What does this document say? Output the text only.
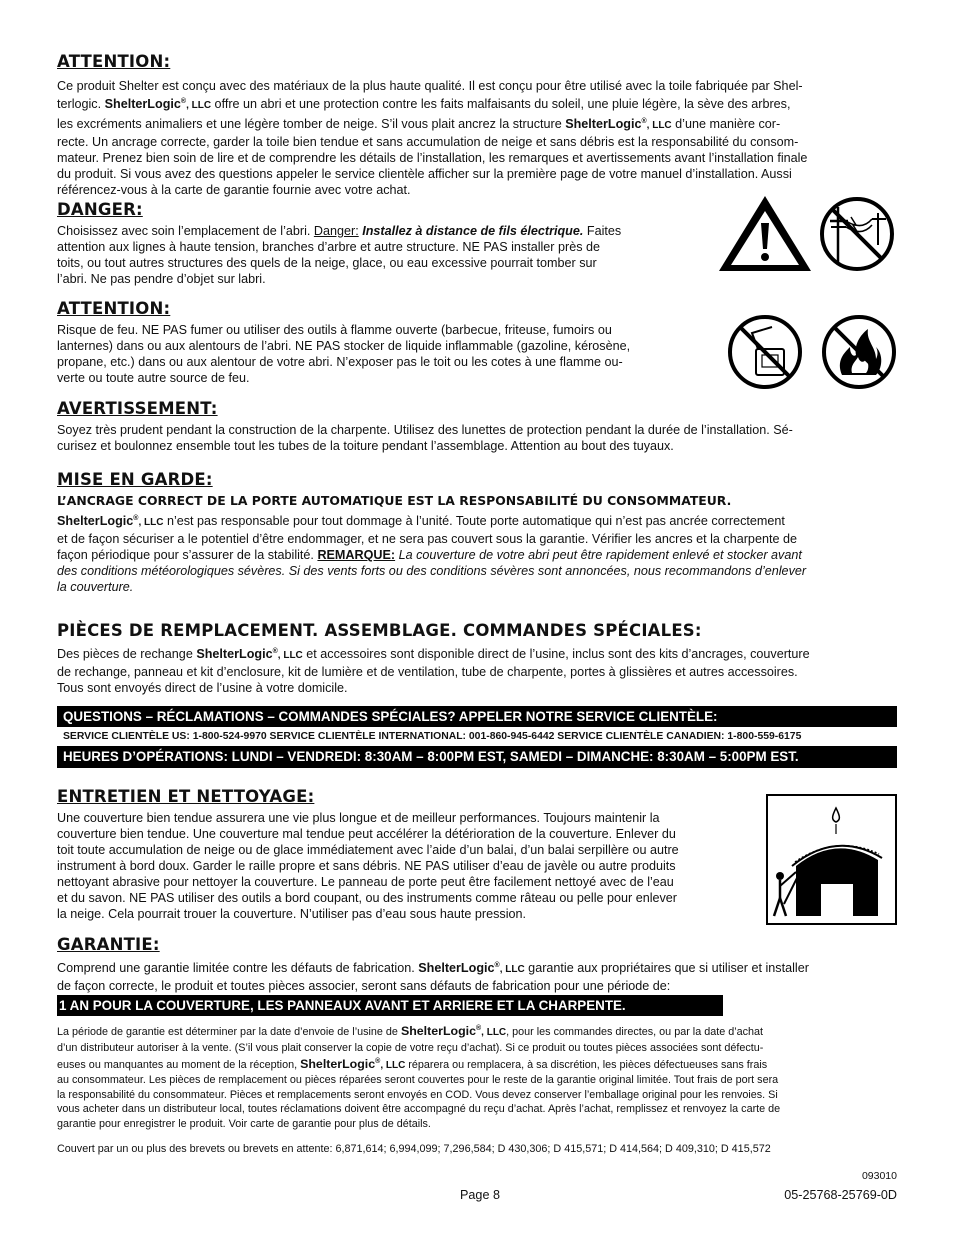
ATTENTION:

Ce produit Shelter est conçu avec des matériaux de la plus haute qualité. Il est conçu pour être utilisé avec la toile fabriquée par Shel-

terlogic. ShelterLogic®, LLC offre un abri et une protection contre les faits malfaisants du soleil, une pluie légère, la sève des arbres,

les excréments animaliers et une légère tomber de neige. S’il vous plait ancrez la structure ShelterLogic®, LLC d’une manière cor-

recte. Un ancrage correcte, garder la toile bien tendue et sans accumulation de neige et sans débris est la responsabilité du consom-

mateur. Prenez bien soin de lire et de comprendre les détails de l’installation, les remarques et avertissements avant l’installation finale

du produit. Si vous avez des questions appeler le service clientèle afficher sur la première page de votre manuel d’installation. Aussi

référencez-vous à la carte de garantie fournie avec votre achat.

DANGER:

Choisissez avec soin l’emplacement de l’abri. Danger: Installez à distance de fils électrique. Faites

attention aux lignes à haute tension, branches d’arbre et autre structure. NE PAS installer près de

toits, ou tout autres structures des quels de la neige, glace, ou eau excessive pourrait tomber sur

l’abri. Ne pas pendre d’objet sur labri.

ATTENTION:

Risque de feu. NE PAS fumer ou utiliser des outils à flamme ouverte (barbecue, friteuse, fumoirs ou

lanternes) dans ou aux alentours de l’abri. NE PAS stocker de liquide inflammable (gazoline, kérosène,

propane, etc.) dans ou aux alentour de votre abri. N’exposer pas le toit ou les cotes à une flamme ou-

verte ou toute autre source de feu.

AVERTISSEMENT:

Soyez très prudent pendant la construction de la charpente. Utilisez des lunettes de protection pendant la durée de l’installation. Sé-

curisez et boulonnez ensemble tout les tubes de la toiture pendant l’assemblage. Attention au bout des tuyaux.

MISE EN GARDE:
L’ANCRAGE CORRECT DE LA PORTE AUTOMATIQUE EST LA RESPONSABILITÉ DU CONSOMMATEUR.

ShelterLogic®, LLC n’est pas responsable pour tout dommage à l’unité. Toute porte automatique qui n’est pas ancrée correctement

et de façon sécuriser a le potentiel d’être endommager, et ne sera pas couvert sous la garantie. Vérifier les ancres et la charpente de

façon périodique pour s’assurer de la stabilité. REMARQUE: La couverture de votre abri peut être rapidement enlevé et stocker avant

des conditions météorologiques sévères. Si des vents forts ou des conditions sévères sont annoncées, nous recommandons d’enlever

la couverture.

PIÈCES DE REMPLACEMENT. ASSEMBLAGE. COMMANDES SPÉCIALES:

Des pièces de rechange ShelterLogic®, LLC et accessoires sont disponible direct de l’usine, inclus sont des kits d’ancrages, couverture

de rechange, panneau et kit d’enclosure, kit de lumière et de ventilation, tube de charpente, portes à glissières et autres accessoires.

Tous sont envoyés direct de l’usine à votre domicile.

QUESTIONS – RÉCLAMATIONS – COMMANDES SPÉCIALES? APPELER NOTRE SERVICE CLIENTÈLE:
SERVICE CLIENTÈLE US: 1-800-524-9970 SERVICE CLIENTÈLE INTERNATIONAL: 001-860-945-6442 SERVICE CLIENTÈLE CANADIEN: 1-800-559-6175
HEURES D’OPÉRATIONS: LUNDI – VENDREDI: 8:30AM – 8:00PM EST, SAMEDI – DIMANCHE: 8:30AM – 5:00PM EST.
ENTRETIEN ET NETTOYAGE:

Une couverture bien tendue assurera une vie plus longue et de meilleur performances. Toujours maintenir la

couverture bien tendue. Une couverture mal tendue peut accélérer la détérioration de la couverture. Enlever du

toit toute accumulation de neige ou de glace immédiatement avec l’aide d’un balai, d’un balai serpillère ou autre

instrument à bord doux. Garder le raille propre et sans débris. NE PAS utiliser d’eau de javèle ou autre produits

nettoyant abrasive pour nettoyer la couverture. Le panneau de porte peut être facilement nettoyé avec de l’eau

et du savon. NE PAS utiliser des outils a bord coupant, ou des instruments comme râteau ou pelle pour enlever

la neige. Cela pourrait trouer la couverture. N’utiliser pas d’eau sous haute pression.

GARANTIE:

Comprend une garantie limitée contre les défauts de fabrication. ShelterLogic®, LLC garantie aux propriétaires que si utiliser et installer

de façon correcte, le produit et toutes pièces associer, seront sans défauts de fabrication pour une période de:

1 AN POUR LA COUVERTURE, LES PANNEAUX AVANT ET ARRIERE ET LA CHARPENTE.

La période de garantie est déterminer par la date d’envoie de l’usine de ShelterLogic®, LLC, pour les commandes directes, ou par la date d’achat

d’un distributeur autoriser à la vente. (S’il vous plait conserver la copie de votre reçu d’achat). Si ce produit ou toutes pièces associées sont défectu-

euses ou manquantes au moment de la réception, ShelterLogic®, LLC réparera ou remplacera, à sa discrétion, les pièces défectueuses sans frais

au consommateur. Les pièces de remplacement ou pièces réparées seront couvertes pour le reste de la garantie original limitée. Tout frais de port sera

la responsabilité du consommateur. Pièces et remplacements seront envoyés en COD. Vous devez conserver l’emballage original pour les renvoies. Si

vous acheter dans un distributeur local, toutes réclamations doivent être accompagné du reçu d’achat. Après l’achat, remplissez et renvoyez la carte de

garantie pour enregistrer le produit. Voir carte de garantie pour plus de détails.

Couvert par un ou plus des brevets ou brevets en attente: 6,871,614; 6,994,099; 7,296,584; D 430,306; D 415,571; D 414,564; D 409,310; D 415,572
093010
Page 8	05-25768-25769-0D
